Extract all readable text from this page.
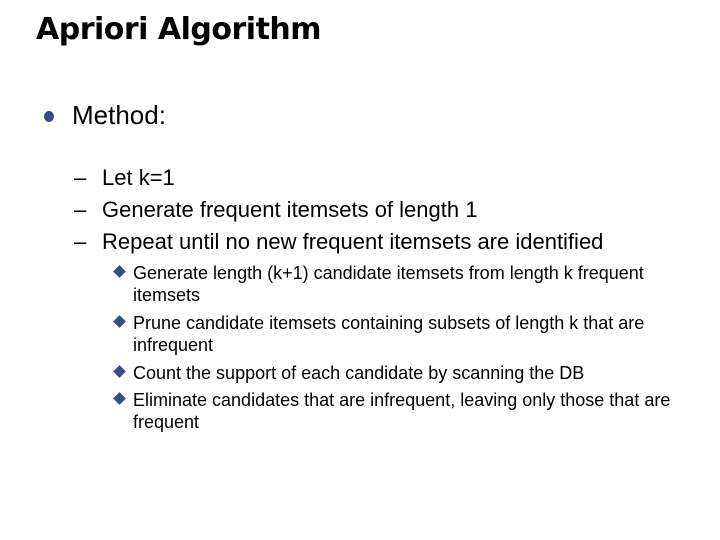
Apriori Algorithm
Method:
– Let k=1
– Generate frequent itemsets of length 1
– Repeat until no new frequent itemsets are identified
Generate length (k+1) candidate itemsets from length k frequent itemsets
Prune candidate itemsets containing subsets of length k that are infrequent
Count the support of each candidate by scanning the DB
Eliminate candidates that are infrequent, leaving only those that are frequent
